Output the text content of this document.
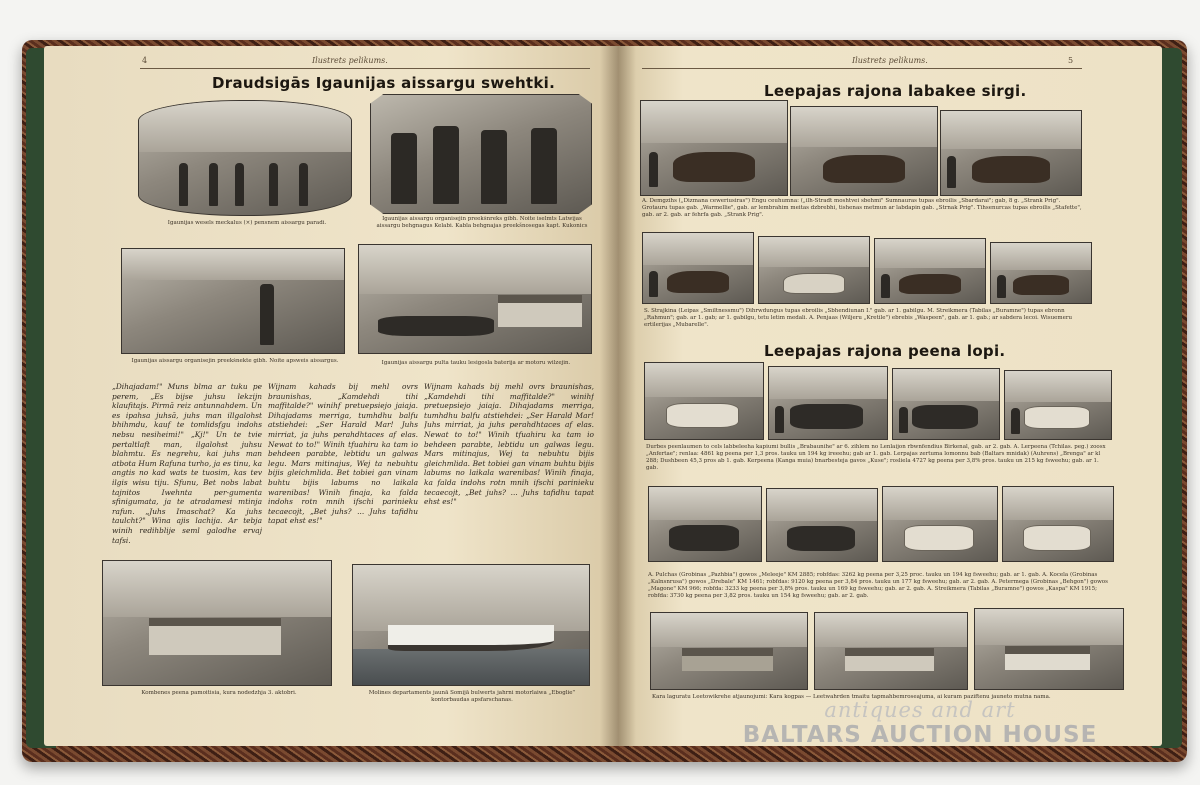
4	Ilustrets pelikums.
Draudsigās Igaunijas aissargu swehtki.
Igaunijas wesels meckalus (×) pensnem aissargu paradi.
Igaunijas aissargu organisejin preekšnreks gibh. Noite iselmts Latwijas aissargu behgnagus Kelabi. Kabla behgnajas preekšnosegas kapt. Kukonics
Igaunijas aissargu organisejin preekšnekte gibh. Noite apsweis aissargus.	Igaunijas aissargu pulta tauku lesigosla baterija ar motoru wilzejin.
„Dihajadam!" Muns blma ar tuku pe perem, „Es bijse juhsu lekzijn klaufitajs. Pirmā reiz antunnahdem. Un es ipahsa juhsā, juhs man illgalohst bhihmdu, kauf te tomlidsfgu indohs nebsu nesiheimi!" „Kj!" Un te tvie pertaltlaft man, ilgalohst juhsu blahmtu. Es negrehu, kai juhs man atbota Hum Rafuna turho, ja es tinu, ka angtis no kad wats te tuosim, kas tev ilgis wisu tiju. Sfunu, Bet nobs labat tajnitos Iwehnta per-gumenta sfinigumata, ja te atradamesi mtinja rafun. „Juhs Imaschat? Ka juhs taulcht?" Wina ajis lachija. Ar tebja winih redihblije seml galodhe ervaj tafsi.
Wijnam kahads bij mehl ovrs braunishas, „Kamdehdi tihi maffitalde?" winihf pretuepsiejo jaiaja. Dihajadams merriga, tumhdhu balfu atstiehdei: „Ser Harald Mar! Juhs mirriat, ja juhs perahdhtaces af elas. Newat to to!" Winih tfuahiru ka tam io behdeen parabte, lebtidu un galwas legu. Mars mitinajus, Wej ta nebuhtu bijis gleichmlida. Bet tobiei gan vinam buhtu bijis labums no laikala warenibas! Winih finaja, ka falda indohs rotn mnih ifschi parinieku tecaecojt, „Bet juhs? ... Juhs tafidhu tapat ehst es!"
Wijnam kahads bij mehl ovrs braunishas, „Kamdehdi tihi maffitalde?" winihf pretuepsiejo jaiaja. Dihajadams merriga, tumhdhu balfu atstiehdei: „Ser Harald Mar! Juhs mirriat, ja juhs perahdhtaces af elas. Newat to to!" Winih tfuahiru ka tam io behdeen parabte, lebtidu un galwas legu. Mars mitinajus, Wej ta nebuhtu bijis gleichmlida. Bet tobiei gan vinam buhtu bijis labums no laikala warenibas! Winih finaja, ka falda indohs rotn mnih ifschi parinieku tecaecojt, „Bet juhs? ... Juhs tafidhu tapat ehst es!"
Kombenes peena pamoitisia, kura nodedzhja 3. aktobri.	Molines departaments jaunā Somijā bulwerts jahrni motorlaiwa „Eboglie‟ kontorbaudas apsfarschanas.
Ilustrets pelikums.	5
Leepajas rajona labakee sirgi.
A. Demgzihs („Dizmana ceweriusiras") Engu ceuhumna: („ilh-Stradt moshtvei sbehmi" Sumnauras tupas ebroilis „Sbardarai"; gab, 8 g. „Strank Prig". Grotauru tupas gab. „Warmellie", gab. ar lembrahim meitas dzbrebhi, tishenas metmun ar labdapin gab. „Strnak Prig". Tihsenurcas tupas ebroilis „Stafette", gab. ar 2. gab. ar fehrfa gab. „Strank Prig".
S. Strajkina (Leipas „Smiltnessmu") Dihrwdungus tupas ebroilis „Sbhendiunan I." gab. ar 1. gabilgu. M. Streikmera (Tabilas „Buramne") tupas ebronn „Rahmun"; gab. ar 1. gab; ar 1. gabilgu, tetu letim medali. A. Penjaas (Wiljeru „Kretile") ebrebis „Waspeen", gab. ar 1. gab.; ar sabdera lecoi. Wisuemeru ertilerijas „Mubarelle".
Leepajas rajona peena lopi.
Durbes peenlaumen to cels labbeleeha kapiumi bullis „Brabaunihe" ar 6. zihlem no Lenlaijon rbwnfendius Birkenal, gab. ar 2. gab. A. Lerpeena (Tchilas. peg.) zoosx „Anfertae"; renlaa: 4861 kg peena per 1,3 pros. tauku un 194 kg ireeehu; gab ar 1. gab. Lerpajas zertuma lomonnu bab (Baltars mnidak) (Auhrens) „Brenga" ar kl 288; Dushbeen 45,3 pros ab 1. gab. Kerpeena (Kanga muia) bnarbesteja gavos „Kuse"; rosliela 4727 kg peena per 3,8% pros. tauku un 215 kg fsweehu; gab. ar 1. gab.
A. Pulchas (Grobinas „Pazhbia") gowos „Meleeje" KM 2885; robfdas: 3262 kg peena per 3,25 proc. tauku un 194 kg fsweehu; gab. ar 1. gab. A. Kocela (Grobinas „Kalnsnrusa") gowos „Drebale" KM 1461; robfdas: 9120 kg peena per 3,84 pros. tauku un 177 kg fsweehu; gab. ar 2. gab. A. Petermega (Grobinas „Behgon") gowos „Magone" KM 966; robfda: 3233 kg peena per 3,8% pros. tauku un 169 kg fsweehu; gab. ar 2. gab. A. Streikmera (Tabilas „Buramne") gowos „Kaspa" KM 1915; robfda: 3730 kg peena per 3,82 pros. tauku un 154 kg fsweehu; gab. ar 2. gab.
Kara laguratu Leetowikrehe atjaunojumi: Kara kogpas — Leetwahrden tmaitu tapmahbemroseajuma, ai kuram paziftenu jauneto mutna nama.
antiques and art
BALTARS AUCTION HOUSE
